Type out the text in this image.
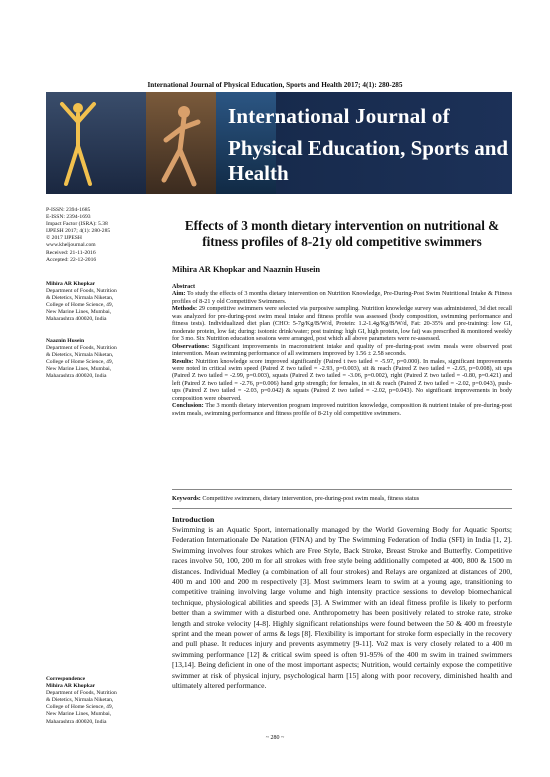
International Journal of Physical Education, Sports and Health 2017; 4(1): 280-285
International Journal of
Physical Education, Sports and Health
P-ISSN: 2394-1685
E-ISSN: 2394-1693
Impact Factor (ISRA): 5.38
IJPESH 2017; 4(1): 280-285
© 2017 IJPESH
www.kheljournal.com
Received: 21-11-2016
Accepted: 22-12-2016
Mihira AR Khopkar
Department of Foods, Nutrition
& Dietetics, Nirmala Niketan,
College of Home Science, 49,
New Marine Lines, Mumbai,
Maharashtra 400020, India
Naaznin Husein
Department of Foods, Nutrition
& Dietetics, Nirmala Niketan,
College of Home Science, 49,
New Marine Lines, Mumbai,
Maharashtra 400020, India
Correspondence
Mihira AR Khopkar
Department of Foods, Nutrition
& Dietetics, Nirmala Niketan,
College of Home Science, 49,
New Marine Lines, Mumbai,
Maharashtra 400020, India
Effects of 3 month dietary intervention on nutritional & fitness profiles of 8-21y old competitive swimmers
Mihira AR Khopkar and Naaznin Husein

Abstract

Aim: To study the effects of 3 months dietary intervention on Nutrition Knowledge, Pre-During-Post Swim Nutritional Intake & Fitness profiles of 8-21 y old Competitive Swimmers.

Methods: 29 competitive swimmers were selected via purposive sampling. Nutrition knowledge survey was administered, 3d diet recall was analyzed for pre-during-post swim meal intake and fitness profile was assessed (body composition, swimming performance and fitness tests). Individualized diet plan (CHO: 5-7g/Kg/B/W/d, Protein: 1.2-1.4g/Kg/B/W/d, Fat: 20-35% and pre-training: low GI, moderate protein, low fat; during: isotonic drink/water; post training: high GI, high protein, low fat) was prescribed & monitored weekly for 3 mo. Six Nutrition education sessions were arranged, post which all above parameters were re-assessed.

Observations: Significant improvements in macronutrient intake and quality of pre-during-post swim meals were observed post intervention. Mean swimming performance of all swimmers improved by 1.56 ± 2.58 seconds.

Results: Nutrition knowledge score improved significantly (Paired t two tailed = -5.97, p=0.000). In males, significant improvements were noted in critical swim speed (Paired Z two tailed = -2.93, p=0.003), sit & reach (Paired Z two tailed = -2.65, p=0.008), sit ups (Paired Z two tailed = -2.99, p=0.003), squats (Paired Z two tailed = -3.06, p=0.002), right (Paired Z two tailed = -0.80, p=0.421) and left (Paired Z two tailed = -2.76, p=0.006) hand grip strength; for females, in sit & reach (Paired Z two tailed = -2.02, p=0.043), push-ups (Paired Z two tailed = -2.03, p=0.042) & squats (Paired Z two tailed = -2.02, p=0.043). No significant improvements in body composition were observed.

Conclusion: The 3 month dietary intervention program improved nutrition knowledge, composition & nutrient intake of pre-during-post swim meals, swimming performance and fitness profile of 8-21y old competitive swimmers.

Keywords: Competitive swimmers, dietary intervention, pre-during-post swim meals, fitness status
Introduction

Swimming is an Aquatic Sport, internationally managed by the World Governing Body for Aquatic Sports; Federation Internationale De Natation (FINA) and by The Swimming Federation of India (SFI) in India [1, 2]. Swimming involves four strokes which are Free Style, Back Stroke, Breast Stroke and Butterfly. Competitive races involve 50, 100, 200 m for all strokes with free style being additionally competed at 400, 800 & 1500 m distances. Individual Medley (a combination of all four strokes) and Relays are organized at distances of 200, 400 m and 100 and 200 m respectively [3]. Most swimmers learn to swim at a young age, transitioning to competitive training involving large volume and high intensity practice sessions to develop biomechanical technique, physiological abilities and speeds [3]. A Swimmer with an ideal fitness profile is likely to perform better than a swimmer with a disturbed one. Anthropometry has been positively related to stroke rate, stroke length and stroke velocity [4-8]. Highly significant relationships were found between the 50 & 400 m freestyle sprint and the mean power of arms & legs [8]. Flexibility is important for stroke form especially in the recovery and pull phase. It reduces injury and prevents asymmetry [9-11]. Vo2 max is very closely related to a 400 m swimming performance [12] & critical swim speed is often 91-95% of the 400 m swim in trained swimmers [13,14]. Being deficient in one of the most important aspects; Nutrition, would certainly expose the competitive swimmer at risk of physical injury, psychological harm [15] along with poor recovery, diminished health and ultimately altered performance.

~ 280 ~
